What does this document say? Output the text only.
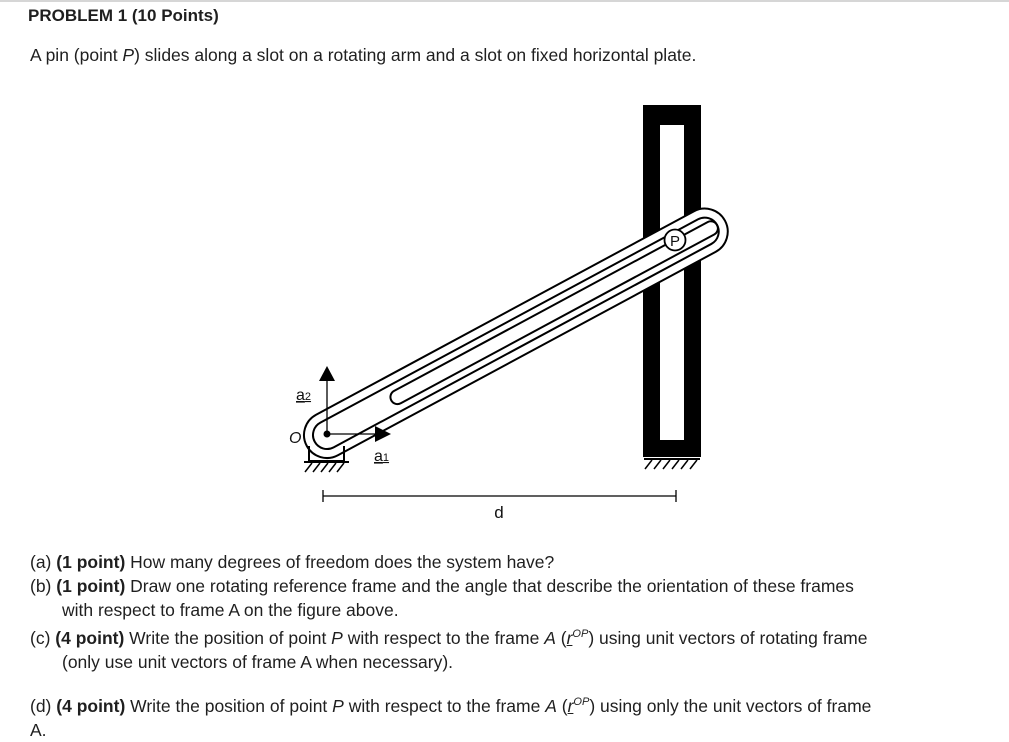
PROBLEM 1 (10 Points)
A pin (point P) slides along a slot on a rotating arm and a slot on fixed horizontal plate.
P
a2
a1
O
d
(a) (1 point) How many degrees of freedom does the system have?
(b) (1 point) Draw one rotating reference frame and the angle that describe the orientation of these frames
with respect to frame A on the figure above.
(c) (4 point) Write the position of point P with respect to the frame A $(r^{OP})$ using unit vectors of rotating frame
(only use unit vectors of frame A when necessary).
(d) (4 point) Write the position of point P with respect to the frame A $(r^{OP})$ using only the unit vectors of frame
A.
